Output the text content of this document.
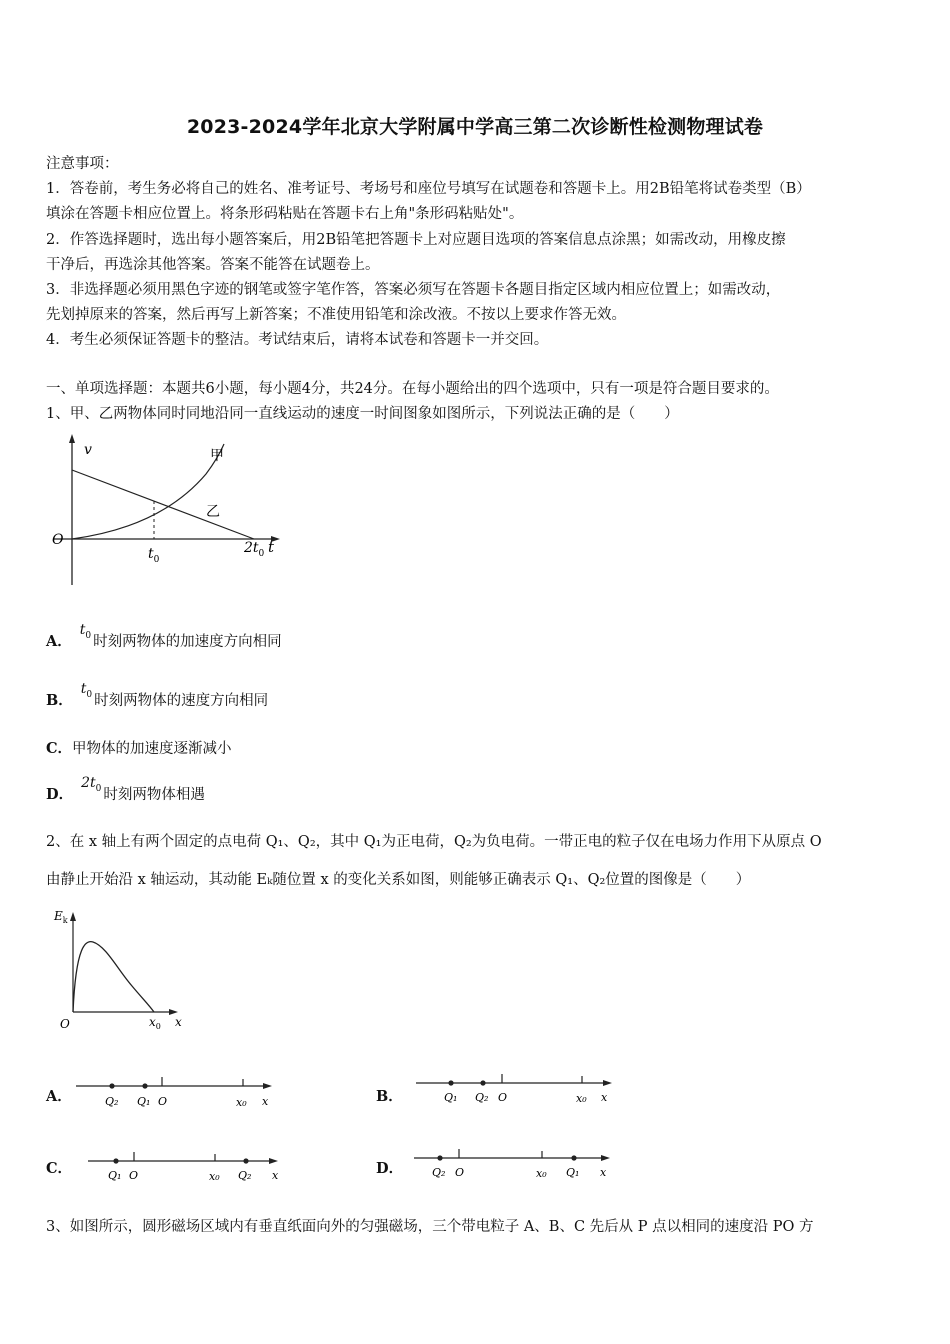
2023-2024学年北京大学附属中学高三第二次诊断性检测物理试卷
注意事项：
1．答卷前，考生务必将自己的姓名、准考证号、考场号和座位号填写在试题卷和答题卡上。用2B铅笔将试卷类型（B）
填涂在答题卡相应位置上。将条形码粘贴在答题卡右上角"条形码粘贴处"。
2．作答选择题时，选出每小题答案后，用2B铅笔把答题卡上对应题目选项的答案信息点涂黑；如需改动，用橡皮擦
干净后，再选涂其他答案。答案不能答在试题卷上。
3．非选择题必须用黑色字迹的钢笔或签字笔作答，答案必须写在答题卡各题目指定区域内相应位置上；如需改动，
先划掉原来的答案，然后再写上新答案；不准使用铅笔和涂改液。不按以上要求作答无效。
4．考生必须保证答题卡的整洁。考试结束后，请将本试卷和答题卡一并交回。
一、单项选择题：本题共6小题，每小题4分，共24分。在每小题给出的四个选项中，只有一项是符合题目要求的。
1、甲、乙两物体同时同地沿同一直线运动的速度一时间图象如图所示，下列说法正确的是（　　）
v
O
甲
乙
t
$t_0$
$2t_0$
A．$t_0$ 时刻两物体的加速度方向相同
B．$t_0$ 时刻两物体的速度方向相同
C．甲物体的加速度逐渐减小
D．$2t_0$ 时刻两物体相遇
2、在 x 轴上有两个固定的点电荷 Q₁、Q₂，其中 Q₁为正电荷，Q₂为负电荷。一带正电的粒子仅在电场力作用下从原点 O
由静止开始沿 x 轴运动，其动能 Eₖ随位置 x 的变化关系如图，则能够正确表示 Q₁、Q₂位置的图像是（　　）
$E_k$
O	$x_0$ x
A．	Q₂ Q₁ O	x₀ x	B．	Q₁ Q₂ O	x₀ x
C．	Q₁ O	x₀ Q₂ x	D．	Q₂ O	x₀ Q₁ x
3、如图所示，圆形磁场区域内有垂直纸面向外的匀强磁场，三个带电粒子 A、B、C 先后从 P 点以相同的速度沿 PO 方
